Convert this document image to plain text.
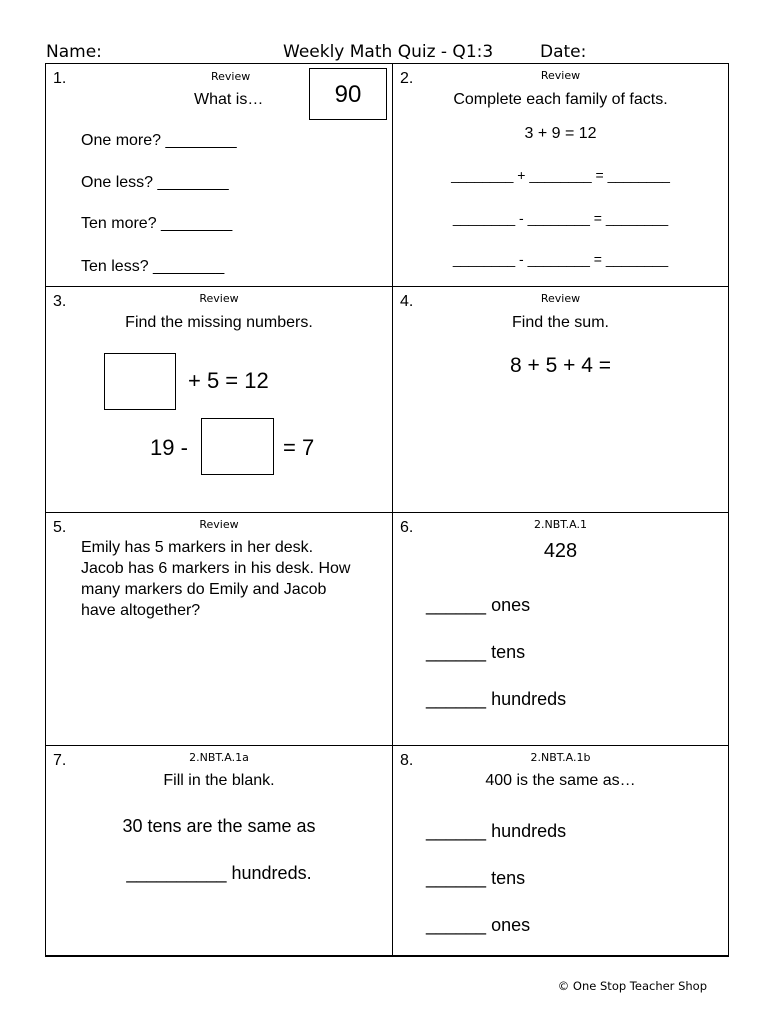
Name:	Weekly Math Quiz - Q1:3	Date:
1.	Review
What is…	90
One more? ________
One less? ________
Ten more? ________
Ten less? ________
2.	Review
Complete each family of facts.
3 + 9 = 12
________ + ________ = ________
________ - ________ = ________
________ - ________ = ________
3.	Review
Find the missing numbers.
+ 5 = 12
19 -	= 7
4.	Review
Find the sum.
8 + 5 + 4 =
5.	Review
Emily has 5 markers in her desk.
Jacob has 6 markers in his desk. How
many markers do Emily and Jacob
have altogether?
6.	2.NBT.A.1
428
______ ones
______ tens
______ hundreds
7.	2.NBT.A.1a
Fill in the blank.
30 tens are the same as
__________ hundreds.
8.	2.NBT.A.1b
400 is the same as…
______ hundreds
______ tens
______ ones
© One Stop Teacher Shop
